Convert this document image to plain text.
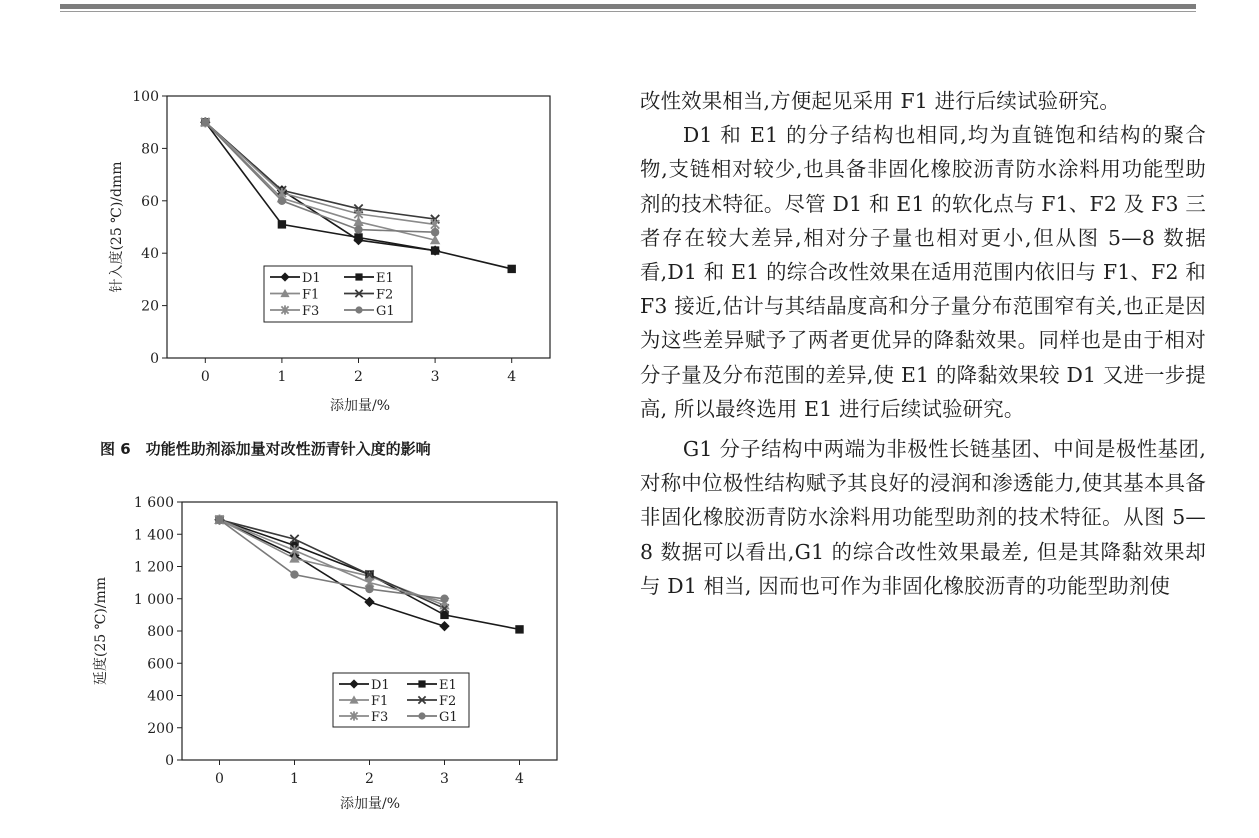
0
20
40
60
80
100
0	1	2	3	4
针入度(25 ℃)/dmm
添加量/%
D1	E1
F1	F2
F3	G1
0
200
400
600
800
1 000
1 200
1 400
1 600
0	1	2	3	4
延度(25 ℃)/mm
添加量/%
D1	E1
F1	F2
F3	G1
图 6　功能性助剂添加量对改性沥青针入度的影响

改性效果相当,方便起见采用 F1 进行后续试验研究。

D1 和 E1 的分子结构也相同,均为直链饱和结构的聚合物,支链相对较少,也具备非固化橡胶沥青防水涂料用功能型助剂的技术特征。尽管 D1 和 E1 的软化点与 F1、F2 及 F3 三者存在较大差异,相对分子量也相对更小,但从图 5—8 数据看,D1 和 E1 的综合改性效果在适用范围内依旧与 F1、F2 和 F3 接近,估计与其结晶度高和分子量分布范围窄有关,也正是因为这些差异赋予了两者更优异的降黏效果。同样也是由于相对分子量及分布范围的差异,使 E1 的降黏效果较 D1 又进一步提高, 所以最终选用 E1 进行后续试验研究。

G1 分子结构中两端为非极性长链基团、中间是极性基团,对称中位极性结构赋予其良好的浸润和渗透能力,使其基本具备非固化橡胶沥青防水涂料用功能型助剂的技术特征。从图 5—8 数据可以看出,G1 的综合改性效果最差, 但是其降黏效果却与 D1 相当, 因而也可作为非固化橡胶沥青的功能型助剂使
